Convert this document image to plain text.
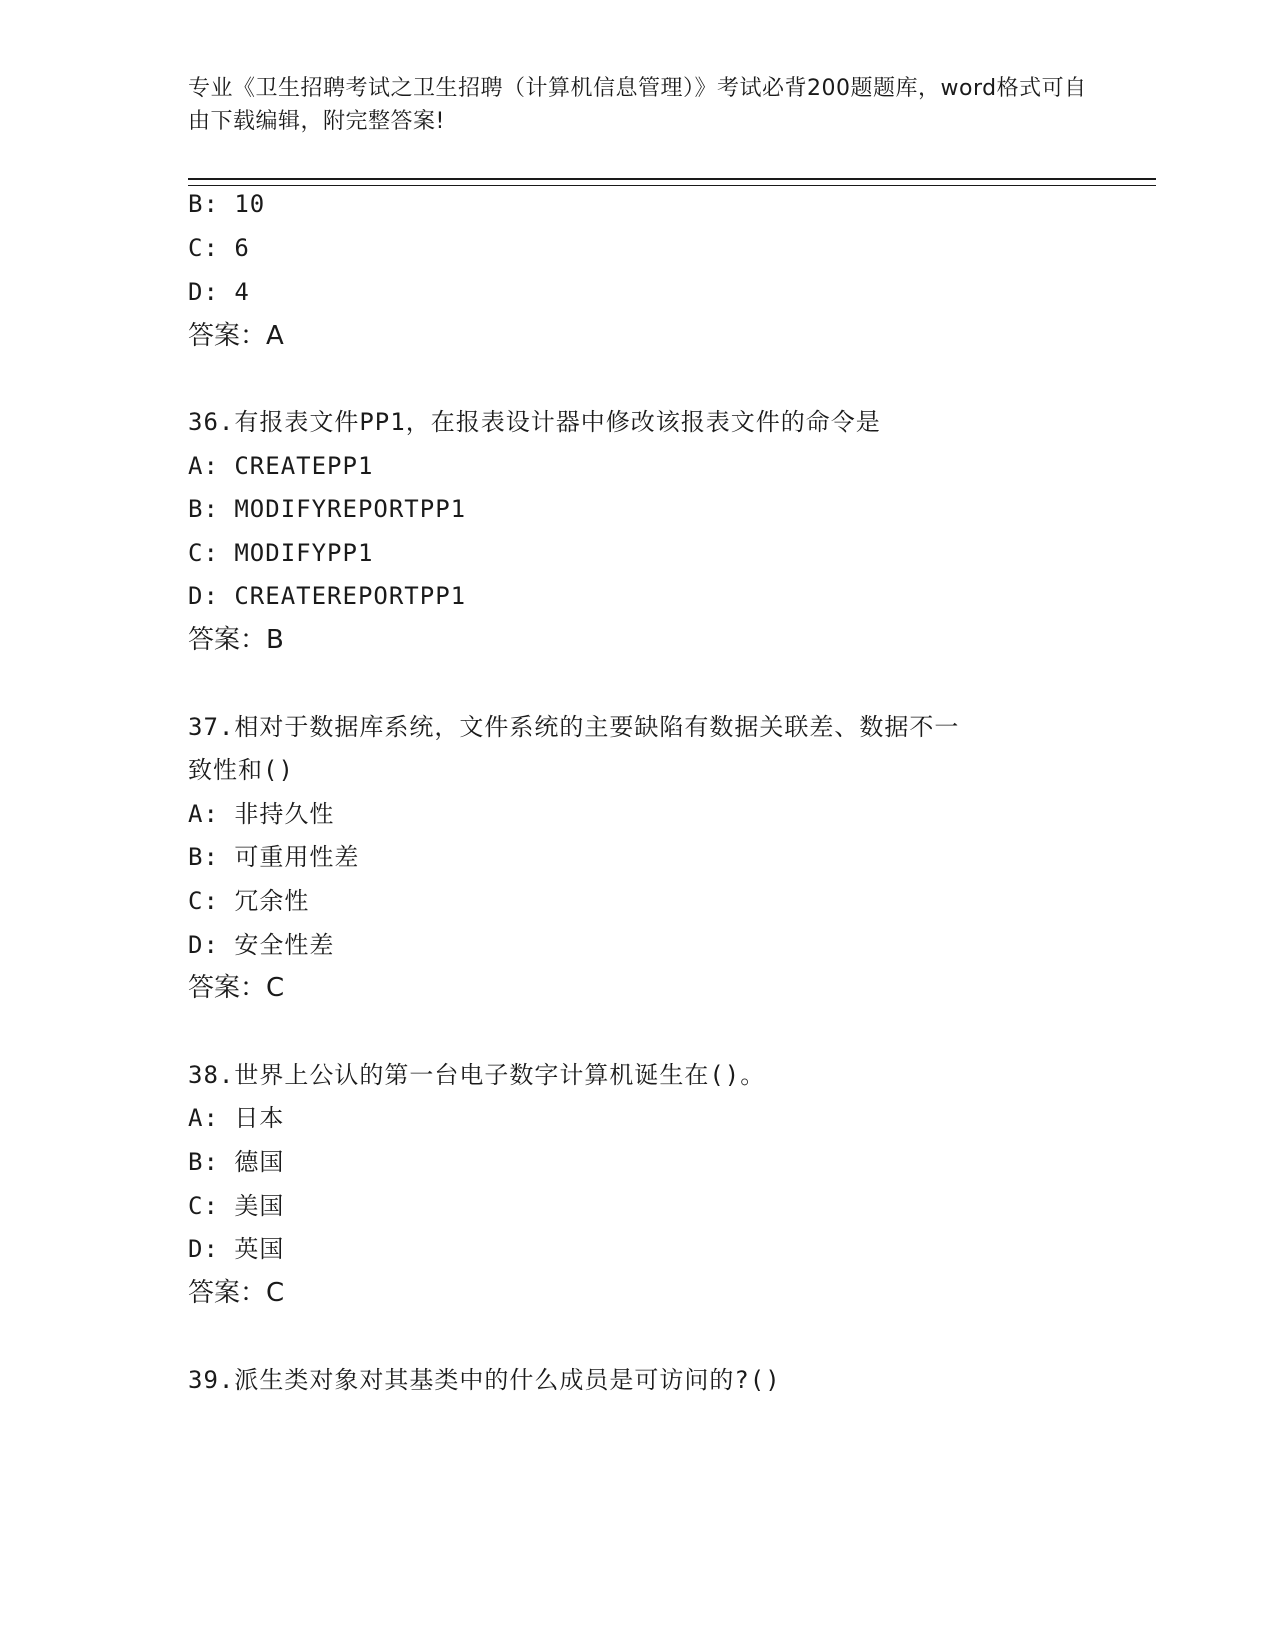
专业《卫生招聘考试之卫生招聘（计算机信息管理）》考试必背200题题库，word格式可自由下载编辑，附完整答案!
B: 10
C: 6
D: 4
答案：A
36.有报表文件PP1，在报表设计器中修改该报表文件的命令是
A: CREATEPP1
B: MODIFYREPORTPP1
C: MODIFYPP1
D: CREATEREPORTPP1
答案：B
37.相对于数据库系统，文件系统的主要缺陷有数据关联差、数据不一
致性和()
A: 非持久性
B: 可重用性差
C: 冗余性
D: 安全性差
答案：C
38.世界上公认的第一台电子数字计算机诞生在()。
A: 日本
B: 德国
C: 美国
D: 英国
答案：C
39.派生类对象对其基类中的什么成员是可访问的?()
